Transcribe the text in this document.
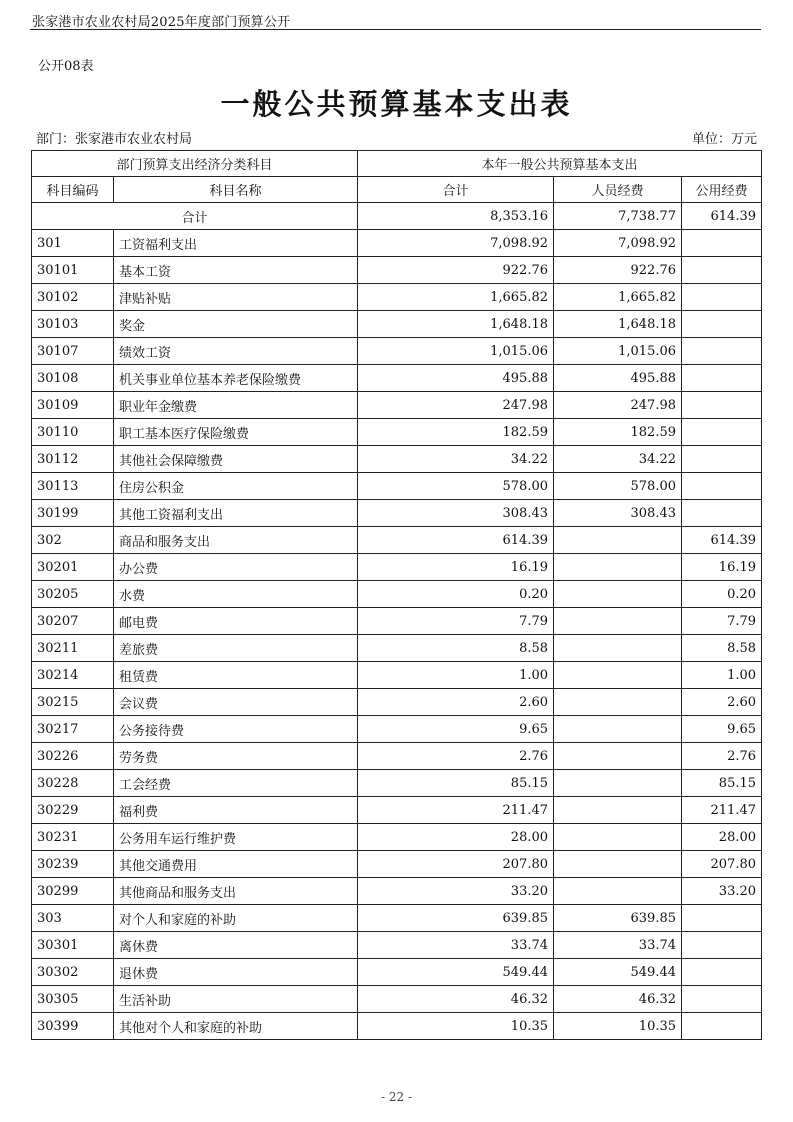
张家港市农业农村局2025年度部门预算公开
公开08表
一般公共预算基本支出表
部门：张家港市农业农村局	单位：万元
部门预算支出经济分类科目		本年一般公共预算基本支出		
科目编码	科目名称	合计	人员经费	公用经费
合计		8,353.16	7,738.77	614.39
301	工资福利支出	7,098.92	7,098.92	
30101	基本工资	922.76	922.76	
30102	津贴补贴	1,665.82	1,665.82	
30103	奖金	1,648.18	1,648.18	
30107	绩效工资	1,015.06	1,015.06	
30108	机关事业单位基本养老保险缴费	495.88	495.88	
30109	职业年金缴费	247.98	247.98	
30110	职工基本医疗保险缴费	182.59	182.59	
30112	其他社会保障缴费	34.22	34.22	
30113	住房公积金	578.00	578.00	
30199	其他工资福利支出	308.43	308.43	
302	商品和服务支出	614.39		614.39
30201	办公费	16.19		16.19
30205	水费	0.20		0.20
30207	邮电费	7.79		7.79
30211	差旅费	8.58		8.58
30214	租赁费	1.00		1.00
30215	会议费	2.60		2.60
30217	公务接待费	9.65		9.65
30226	劳务费	2.76		2.76
30228	工会经费	85.15		85.15
30229	福利费	211.47		211.47
30231	公务用车运行维护费	28.00		28.00
30239	其他交通费用	207.80		207.80
30299	其他商品和服务支出	33.20		33.20
303	对个人和家庭的补助	639.85	639.85	
30301	离休费	33.74	33.74	
30302	退休费	549.44	549.44	
30305	生活补助	46.32	46.32	
30399	其他对个人和家庭的补助	10.35	10.35	
- 22 -
